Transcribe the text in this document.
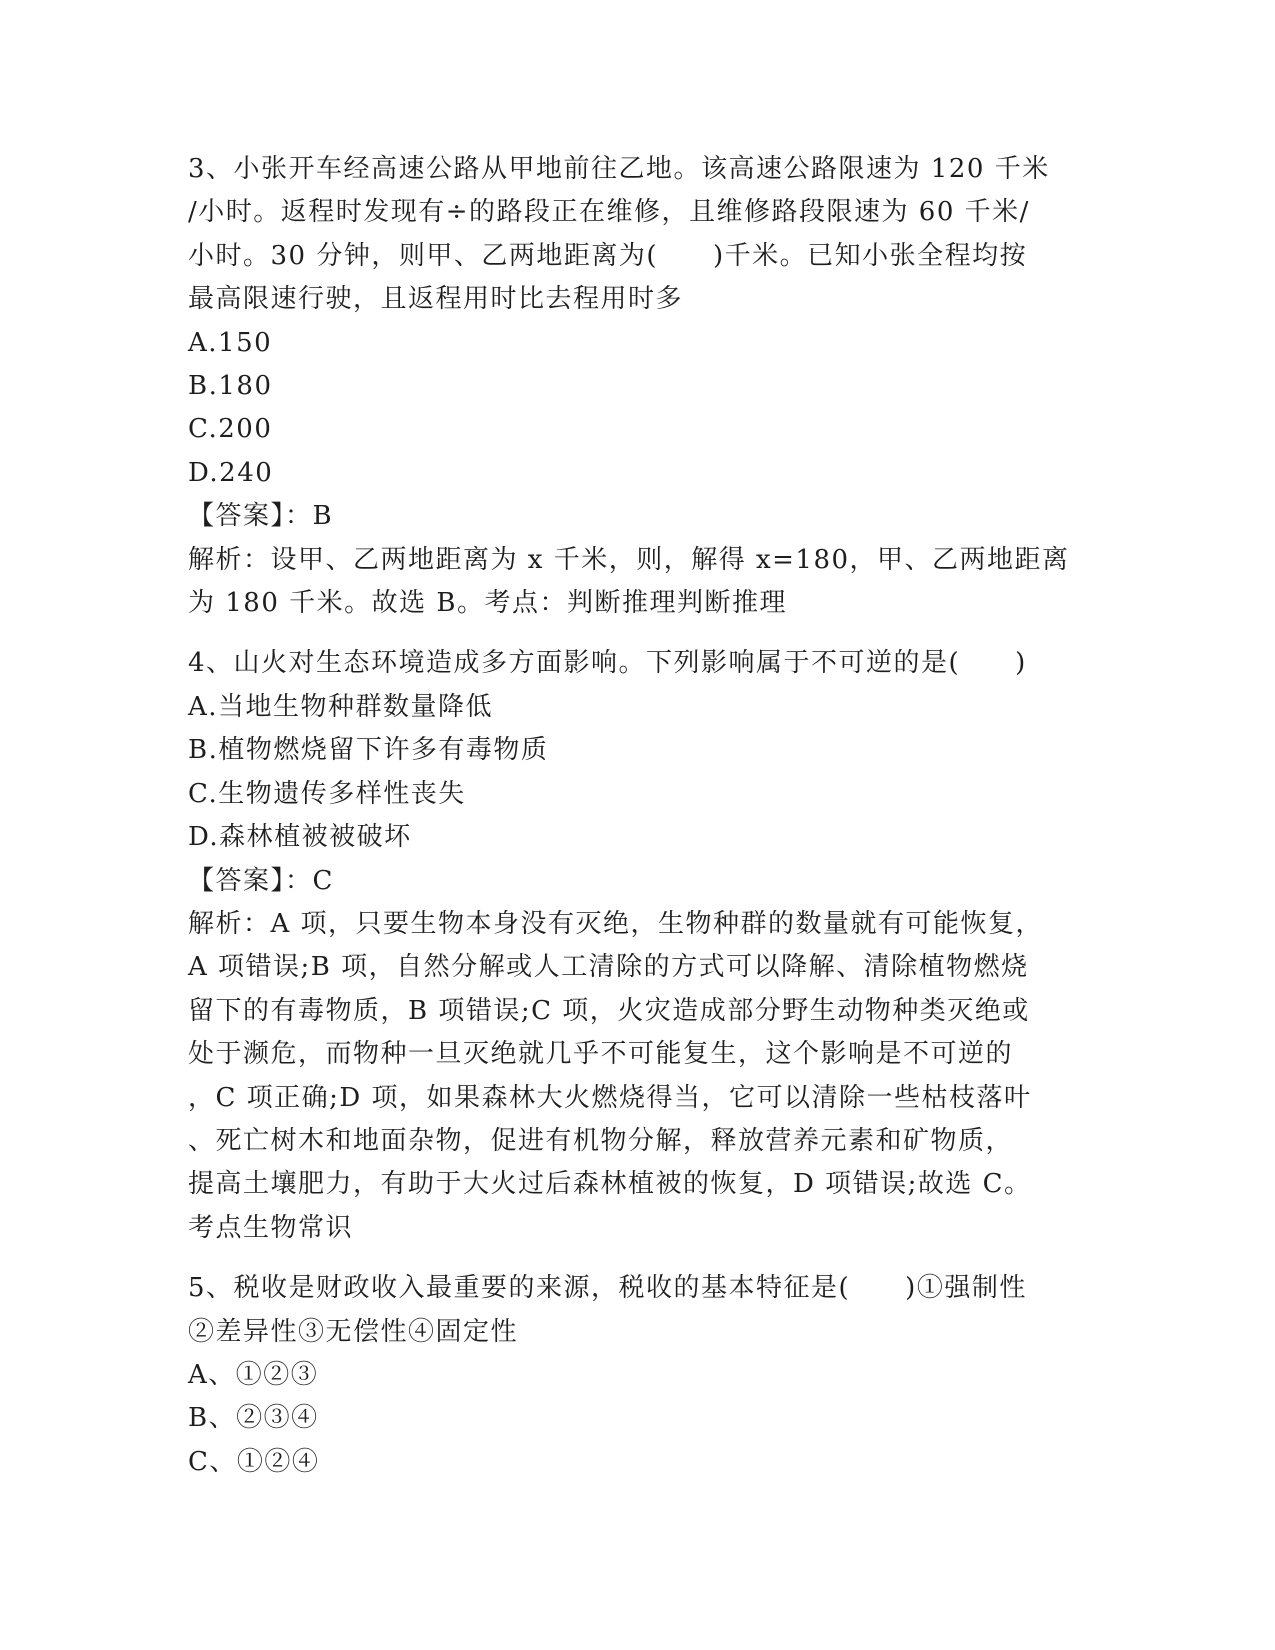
3、小张开车经高速公路从甲地前往乙地。该高速公路限速为 120 千米
/小时。返程时发现有÷的路段正在维修，且维修路段限速为 60 千米/
小时。30 分钟，则甲、乙两地距离为(　　)千米。已知小张全程均按
最高限速行驶，且返程用时比去程用时多
A.150
B.180
C.200
D.240
【答案】：B
解析：设甲、乙两地距离为 x 千米，则，解得 x=180，甲、乙两地距离
为 180 千米。故选 B。考点：判断推理判断推理
4、山火对生态环境造成多方面影响。下列影响属于不可逆的是(　　)
A.当地生物种群数量降低
B.植物燃烧留下许多有毒物质
C.生物遗传多样性丧失
D.森林植被被破坏
【答案】：C
解析：A 项，只要生物本身没有灭绝，生物种群的数量就有可能恢复，
A 项错误;B 项，自然分解或人工清除的方式可以降解、清除植物燃烧
留下的有毒物质，B 项错误;C 项，火灾造成部分野生动物种类灭绝或
处于濒危，而物种一旦灭绝就几乎不可能复生，这个影响是不可逆的
，C 项正确;D 项，如果森林大火燃烧得当，它可以清除一些枯枝落叶
、死亡树木和地面杂物，促进有机物分解，释放营养元素和矿物质，
提高土壤肥力，有助于大火过后森林植被的恢复，D 项错误;故选 C。
考点生物常识
5、税收是财政收入最重要的来源，税收的基本特征是(　　)①强制性
②差异性③无偿性④固定性
A、①②③
B、②③④
C、①②④
